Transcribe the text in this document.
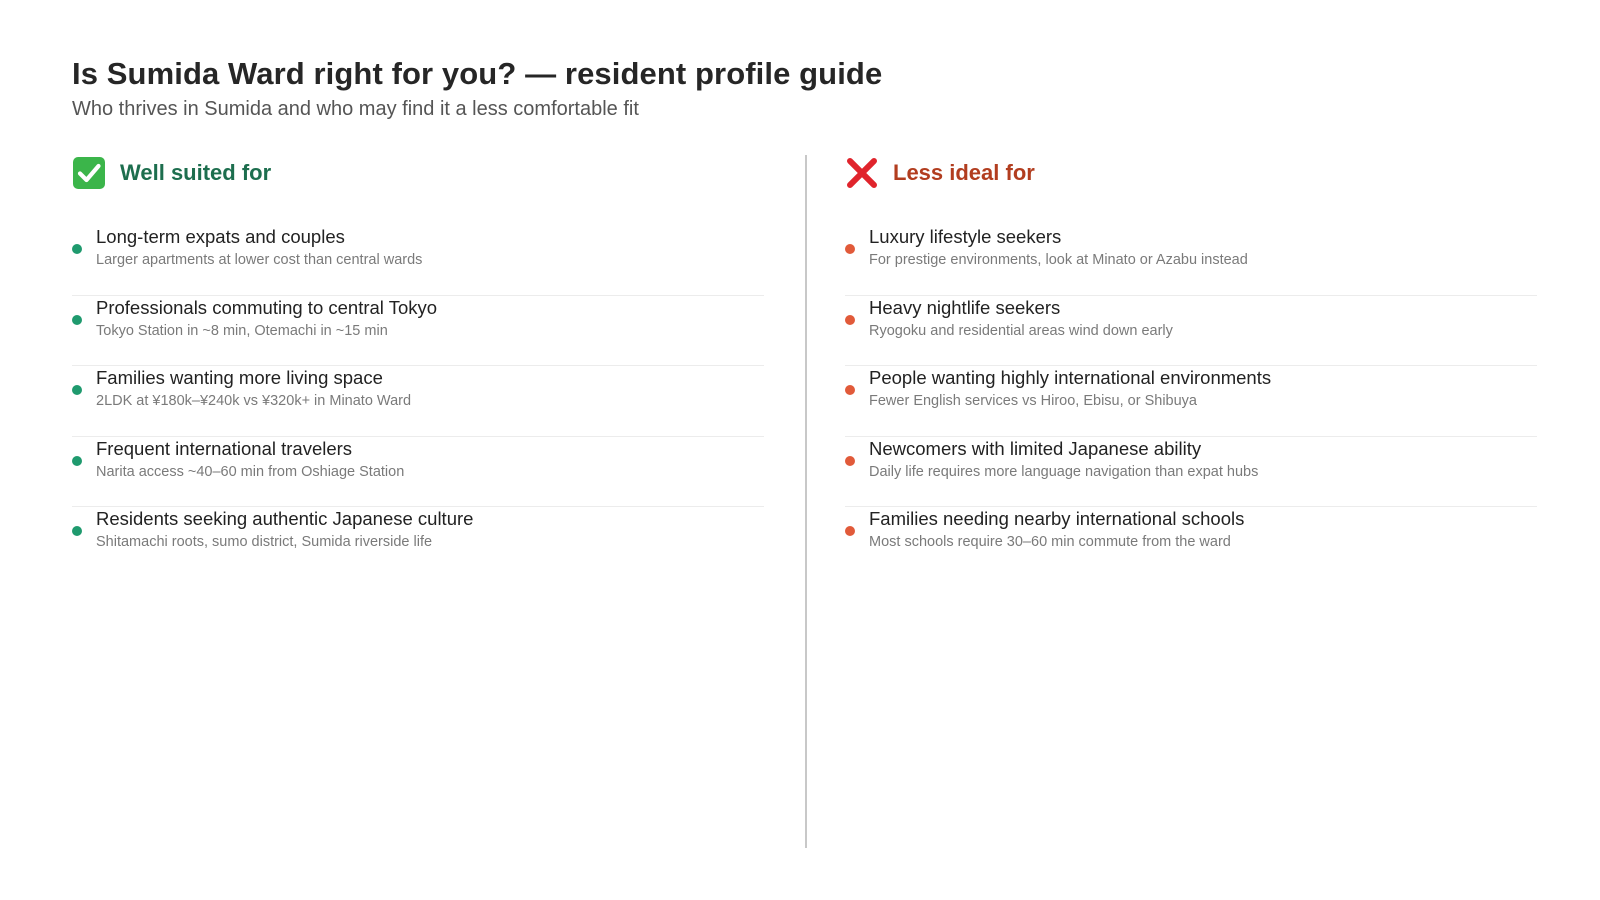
Is Sumida Ward right for you? — resident profile guide
Who thrives in Sumida and who may find it a less comfortable fit
Well suited for
Long-term expats and couples
Larger apartments at lower cost than central wards
Professionals commuting to central Tokyo
Tokyo Station in ~8 min, Otemachi in ~15 min
Families wanting more living space
2LDK at ¥180k–¥240k vs ¥320k+ in Minato Ward
Frequent international travelers
Narita access ~40–60 min from Oshiage Station
Residents seeking authentic Japanese culture
Shitamachi roots, sumo district, Sumida riverside life
Less ideal for
Luxury lifestyle seekers
For prestige environments, look at Minato or Azabu instead
Heavy nightlife seekers
Ryogoku and residential areas wind down early
People wanting highly international environments
Fewer English services vs Hiroo, Ebisu, or Shibuya
Newcomers with limited Japanese ability
Daily life requires more language navigation than expat hubs
Families needing nearby international schools
Most schools require 30–60 min commute from the ward
